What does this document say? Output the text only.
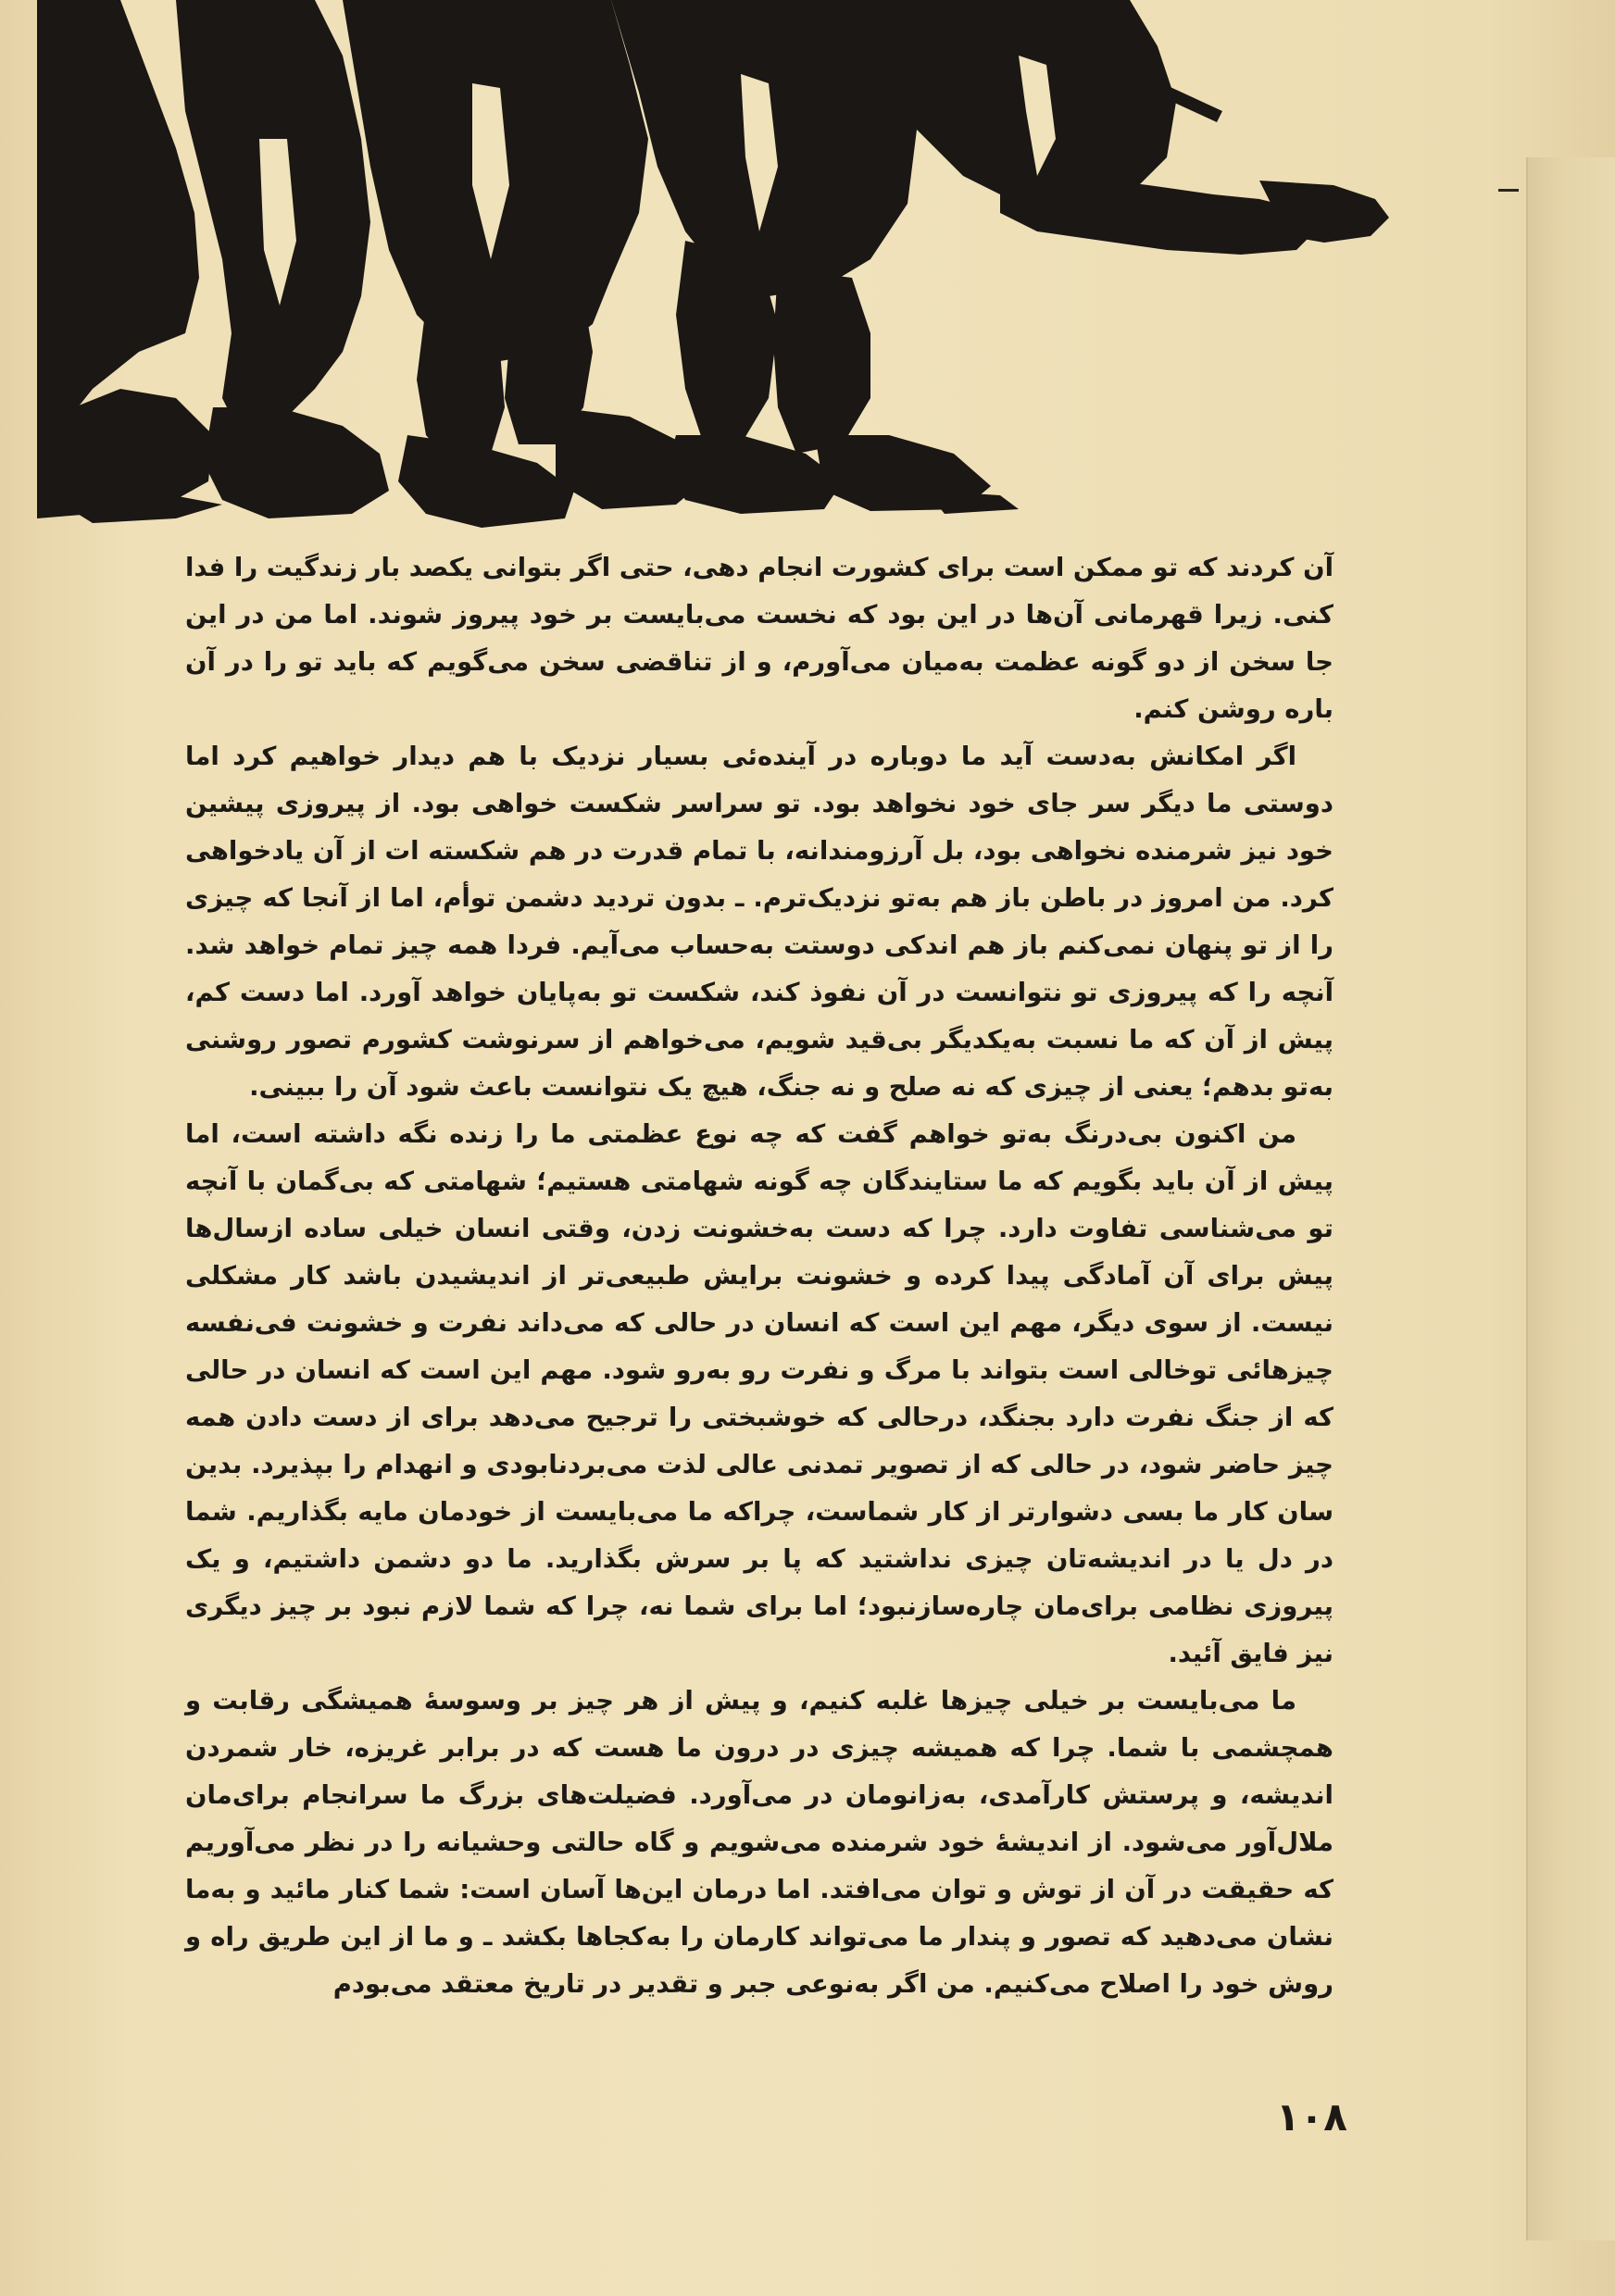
آن کردند که تو ممکن است برای کشورت انجام دهی، حتی اگر بتوانی یکصد بار زندگیت را فدا کنی. زیرا قهرمانی آن‌ها در این بود که نخست می‌بایست بر خود پیروز شوند. اما من در این جا سخن از دو گونه عظمت به‌میان می‌آورم، و از تناقضی سخن می‌گویم که باید تو را در آن باره روشن کنم.

اگر امکانش به‌دست آید ما دوباره در آینده‌ئی بسیار نزدیک با هم دیدار خواهیم کرد اما دوستی ما دیگر سر جای خود نخواهد بود. تو سراسر شکست خواهی بود. از پیروزی پیشین خود نیز شرمنده نخواهی بود، بل آرزومندانه، با تمام قدرت در هم شکسته ات از آن یادخواهی کرد. من امروز در باطن باز هم به‌تو نزدیک‌ترم. ـ بدون تردید دشمن توأم، اما از آنجا که چیزی را از تو پنهان نمی‌کنم باز هم اندکی دوستت به‌حساب می‌آیم. فردا همه چیز تمام خواهد شد. آنچه را که پیروزی تو نتوانست در آن نفوذ کند، شکست تو به‌پایان خواهد آورد. اما دست کم، پیش از آن که ما نسبت به‌یکدیگر بی‌قید شویم، می‌خواهم از سرنوشت کشورم تصور روشنی به‌تو بدهم؛ یعنی از چیزی که نه صلح و نه جنگ، هیچ یک نتوانست باعث شود آن را ببینی.

من اکنون بی‌درنگ به‌تو خواهم گفت که چه نوع عظمتی ما را زنده نگه داشته است، اما پیش از آن باید بگویم که ما ستایندگان چه گونه شهامتی هستیم؛ شهامتی که بی‌گمان با آنچه تو می‌شناسی تفاوت دارد. چرا که دست به‌خشونت زدن، وقتی انسان خیلی ساده ازسال‌ها پیش برای آن آمادگی پیدا کرده و خشونت برایش طبیعی‌تر از اندیشیدن باشد کار مشکلی نیست. از سوی دیگر، مهم این است که انسان در حالی که می‌داند نفرت و خشونت فی‌نفسه چیزهائی توخالی است بتواند با مرگ و نفرت رو به‌رو شود. مهم این است که انسان در حالی که از جنگ نفرت دارد بجنگد، درحالی که خوشبختی را ترجیح می‌دهد برای از دست دادن همه چیز حاضر شود، در حالی که از تصویر تمدنی عالی لذت می‌بردنابودی و انهدام را بپذیرد. بدین سان کار ما بسی دشوارتر از کار شماست، چراکه ما می‌بایست از خودمان مایه بگذاریم. شما در دل یا در اندیشه‌تان چیزی نداشتید که پا بر سرش بگذارید. ما دو دشمن داشتیم، و یک پیروزی نظامی برای‌مان چاره‌سازنبود؛ اما برای شما نه، چرا که شما لازم نبود بر چیز دیگری نیز فایق آئید.

ما می‌بایست بر خیلی چیزها غلبه کنیم، و پیش از هر چیز بر وسوسهٔ همیشگی رقابت و همچشمی با شما. چرا که همیشه چیزی در درون ما هست که در برابر غریزه، خار شمردن اندیشه، و پرستش کارآمدی، به‌زانومان در می‌آورد. فضیلت‌های بزرگ ما سرانجام برای‌مان ملال‌آور می‌شود. از اندیشهٔ خود شرمنده می‌شویم و گاه حالتی وحشیانه را در نظر می‌آوریم که حقیقت در آن از توش و توان می‌افتد. اما درمان این‌ها آسان است: شما کنار مائید و به‌ما نشان می‌دهید که تصور و پندار ما می‌تواند کارمان را به‌کجاها بکشد ـ و ما از این طریق راه و روش خود را اصلاح می‌کنیم. من اگر به‌نوعی جبر و تقدیر در تاریخ معتقد می‌بودم

۱۰۸
